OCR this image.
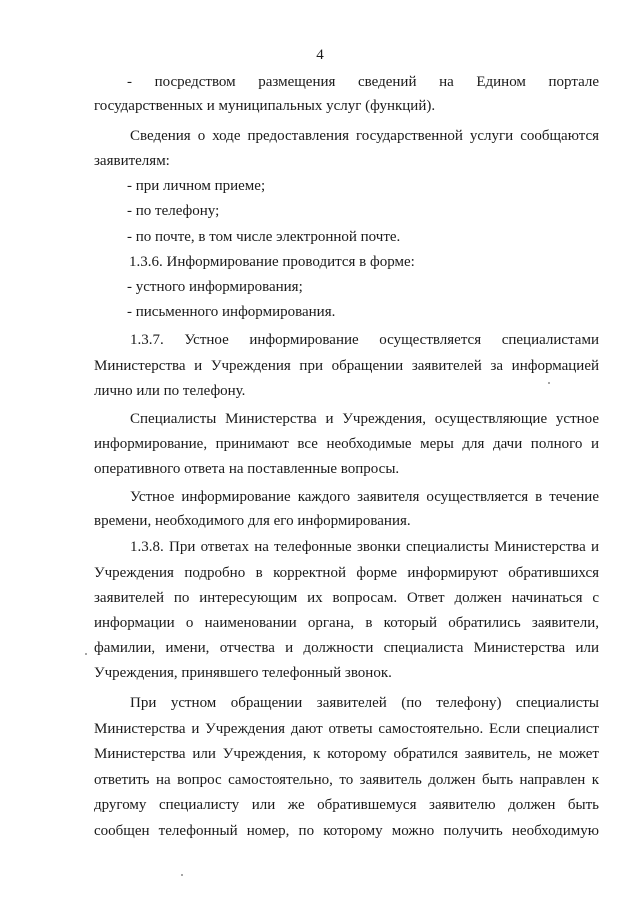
4
- посредством размещения сведений на Едином портале
государственных и муниципальных услуг (функций).
Сведения о ходе предоставления государственной услуги сообщаются
заявителям:
- при личном приеме;
- по телефону;
- по почте, в том числе электронной почте.
1.3.6. Информирование проводится в форме:
- устного информирования;
- письменного информирования.
1.3.7. Устное информирование осуществляется специалистами
Министерства и Учреждения при обращении заявителей за информацией
лично или по телефону.
Специалисты Министерства и Учреждения, осуществляющие устное
информирование, принимают все необходимые меры для дачи полного и
оперативного ответа на поставленные вопросы.
Устное информирование каждого заявителя осуществляется в течение
времени, необходимого для его информирования.
1.3.8. При ответах на телефонные звонки специалисты Министерства и
Учреждения подробно в корректной форме информируют обратившихся
заявителей по интересующим их вопросам. Ответ должен начинаться с
информации о наименовании органа, в который обратились заявители,
фамилии, имени, отчества и должности специалиста Министерства или
Учреждения, принявшего телефонный звонок.
При устном обращении заявителей (по телефону) специалисты
Министерства и Учреждения дают ответы самостоятельно. Если специалист
Министерства или Учреждения, к которому обратился заявитель, не может
ответить на вопрос самостоятельно, то заявитель должен быть направлен к
другому специалисту или же обратившемуся заявителю должен быть
сообщен телефонный номер, по которому можно получить необходимую
